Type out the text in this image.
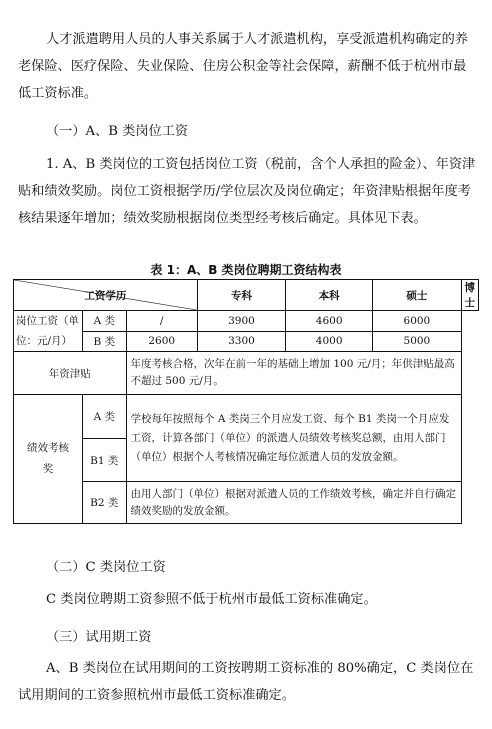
人才派遣聘用人员的人事关系属于人才派遣机构，享受派遣机构确定的养老保险、医疗保险、失业保险、住房公积金等社会保障，薪酬不低于杭州市最低工资标准。

（一）A、B 类岗位工资

1. A、B 类岗位的工资包括岗位工资（税前，含个人承担的险金）、年资津贴和绩效奖励。岗位工资根据学历/学位层次及岗位确定；年资津贴根据年度考核结果逐年增加；绩效奖励根据岗位类型经考核后确定。具体见下表。

表 1：A、B 类岗位聘期工资结构表
工资学历			专科	本科	硕士	博士
岗位工资（单位：元/月）	A 类	/	3900	4600	6000	
	B 类	2600	3300	4000	5000	
年资津贴		年度考核合格，次年在前一年的基础上增加 100 元/月；年供津贴最高不超过 500 元/月。				
绩效考核奖	A 类	学校每年按照每个 A 类岗三个月应发工资、每个 B1 类岗一个月应发工资，计算各部门（单位）的派遣人员绩效考核奖总额，由用人部门（单位）根据个人考核情况确定每位派遣人员的发放金额。				
	B1 类					
	B2 类	由用人部门（单位）根据对派遣人员的工作绩效考核，确定并自行确定绩效奖励的发放金额。				

（二）C 类岗位工资

C 类岗位聘期工资参照不低于杭州市最低工资标准确定。

（三）试用期工资

A、B 类岗位在试用期间的工资按聘期工资标准的 80%确定，C 类岗位在试用期间的工资参照杭州市最低工资标准确定。
